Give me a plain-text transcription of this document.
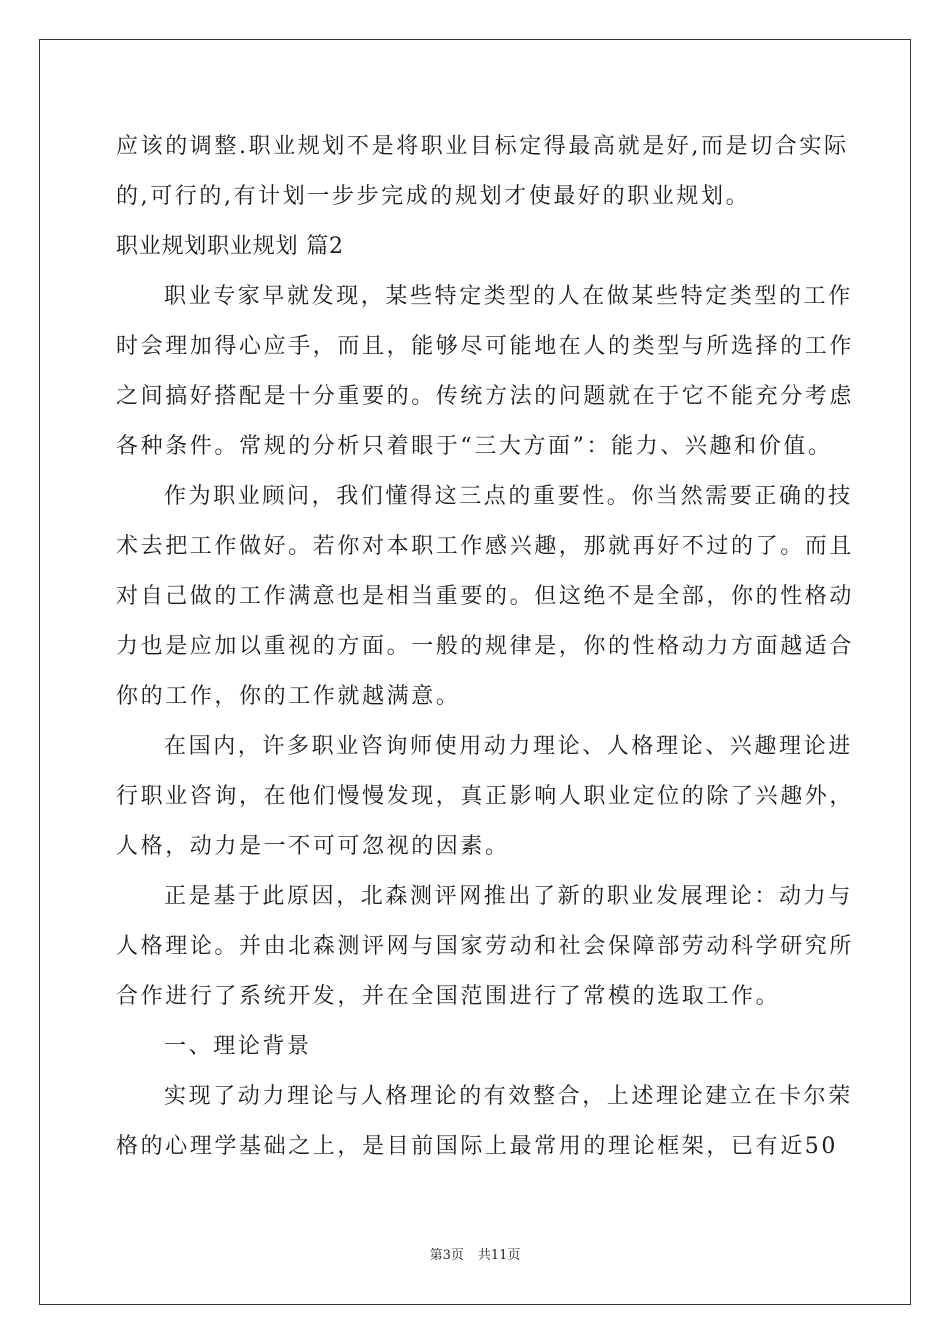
应该的调整.职业规划不是将职业目标定得最高就是好,而是切合实际
的,可行的,有计划一步步完成的规划才使最好的职业规划。
职业规划职业规划 篇2
职业专家早就发现，某些特定类型的人在做某些特定类型的工作
时会理加得心应手，而且，能够尽可能地在人的类型与所选择的工作
之间搞好搭配是十分重要的。传统方法的问题就在于它不能充分考虑
各种条件。常规的分析只着眼于“三大方面”：能力、兴趣和价值。
作为职业顾问，我们懂得这三点的重要性。你当然需要正确的技
术去把工作做好。若你对本职工作感兴趣，那就再好不过的了。而且
对自己做的工作满意也是相当重要的。但这绝不是全部，你的性格动
力也是应加以重视的方面。一般的规律是，你的性格动力方面越适合
你的工作，你的工作就越满意。
在国内，许多职业咨询师使用动力理论、人格理论、兴趣理论进
行职业咨询，在他们慢慢发现，真正影响人职业定位的除了兴趣外，
人格，动力是一不可可忽视的因素。
正是基于此原因，北森测评网推出了新的职业发展理论：动力与
人格理论。并由北森测评网与国家劳动和社会保障部劳动科学研究所
合作进行了系统开发，并在全国范围进行了常模的选取工作。
一、理论背景
实现了动力理论与人格理论的有效整合，上述理论建立在卡尔荣
格的心理学基础之上，是目前国际上最常用的理论框架，已有近50
第3页 共11页
